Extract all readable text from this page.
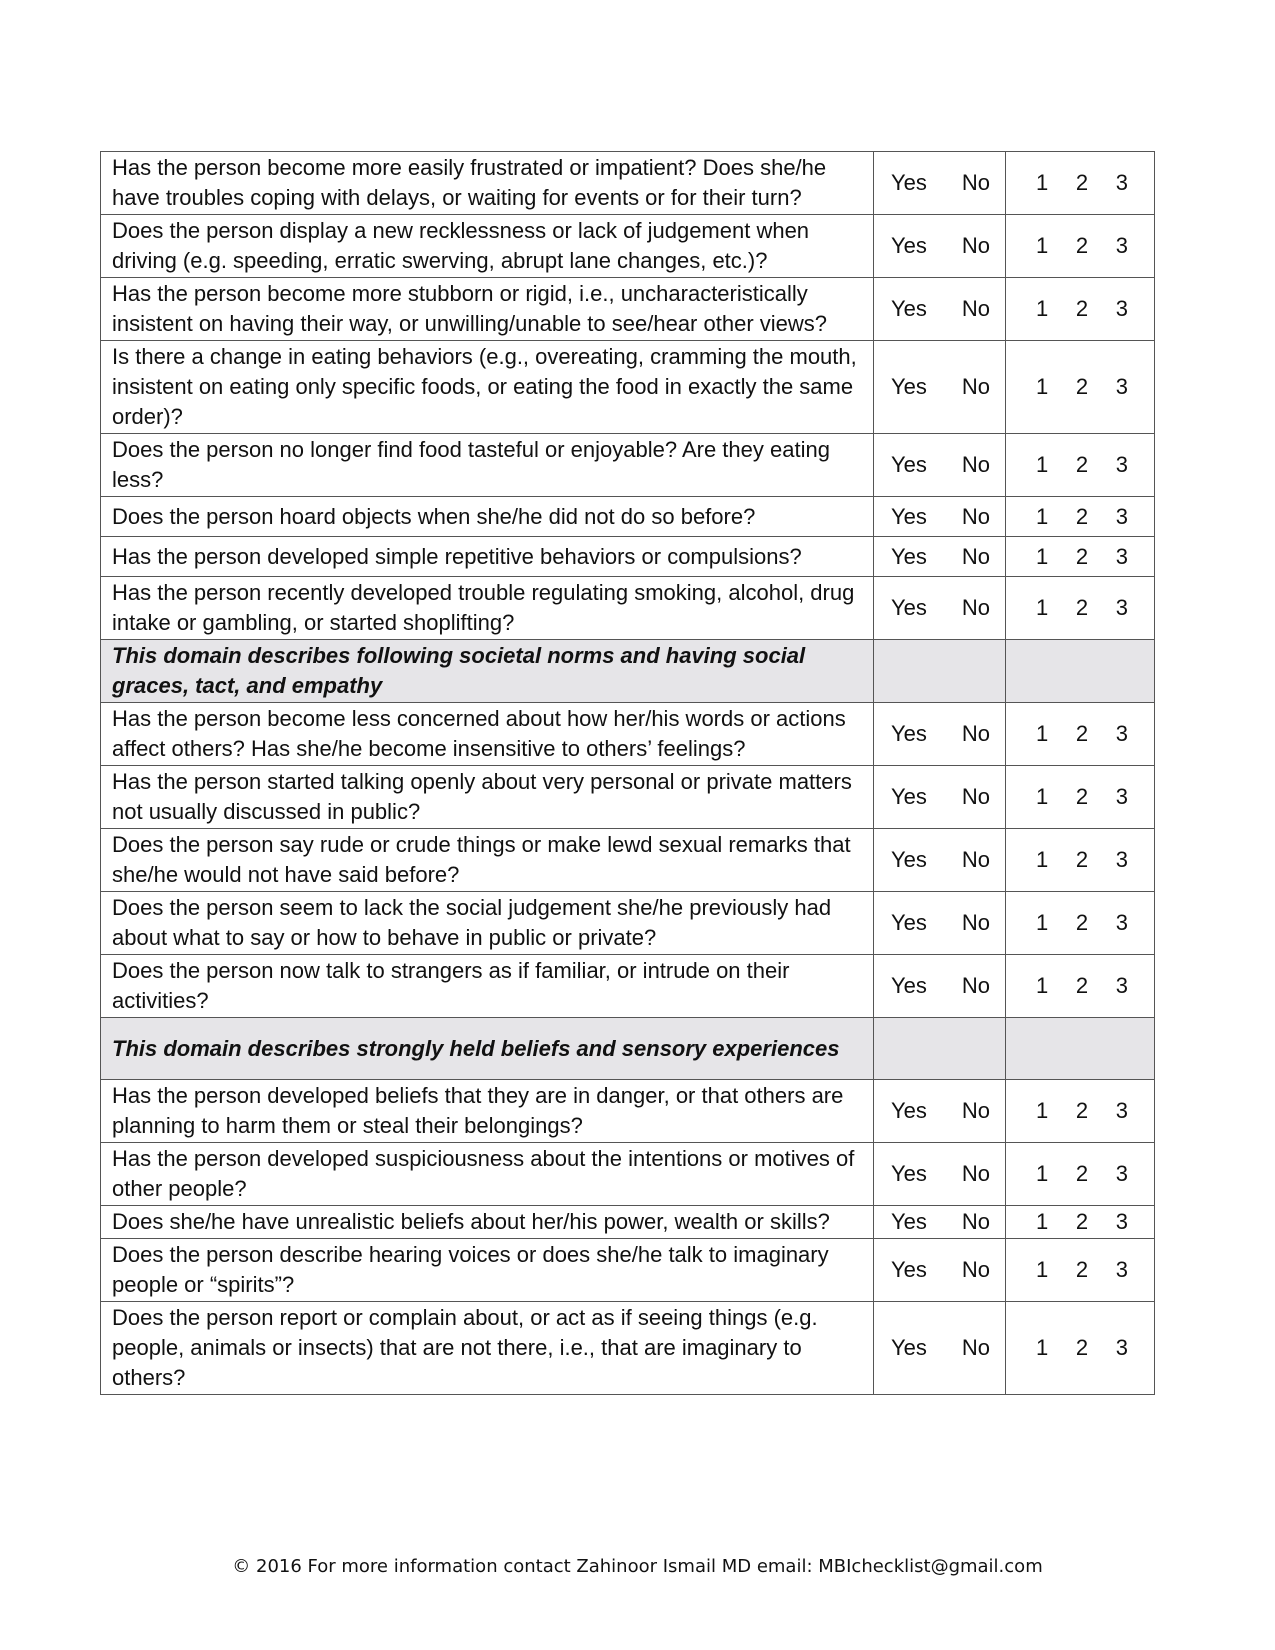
Has the person become more easily frustrated or impatient? Does she/he have troubles coping with delays, or waiting for events or for their turn?	Yes No	1 2 3

Does the person display a new recklessness or lack of judgement when driving (e.g. speeding, erratic swerving, abrupt lane changes, etc.)?	Yes No	1 2 3

Has the person become more stubborn or rigid, i.e., uncharacteristically insistent on having their way, or unwilling/unable to see/hear other views?	Yes No	1 2 3

Is there a change in eating behaviors (e.g., overeating, cramming the mouth, insistent on eating only specific foods, or eating the food in exactly the same order)?	Yes No	1 2 3

Does the person no longer find food tasteful or enjoyable? Are they eating less?	Yes No	1 2 3

Does the person hoard objects when she/he did not do so before?	Yes No	1 2 3

Has the person developed simple repetitive behaviors or compulsions?	Yes No	1 2 3

Has the person recently developed trouble regulating smoking, alcohol, drug intake or gambling, or started shoplifting?	Yes No	1 2 3

This domain describes following societal norms and having social graces, tact, and empathy		
Has the person become less concerned about how her/his words or actions affect others? Has she/he become insensitive to others’ feelings?	Yes No	1 2 3

Has the person started talking openly about very personal or private matters not usually discussed in public?	Yes No	1 2 3

Does the person say rude or crude things or make lewd sexual remarks that she/he would not have said before?	Yes No	1 2 3

Does the person seem to lack the social judgement she/he previously had about what to say or how to behave in public or private?	Yes No	1 2 3

Does the person now talk to strangers as if familiar, or intrude on their activities?	Yes No	1 2 3

This domain describes strongly held beliefs and sensory experiences		
Has the person developed beliefs that they are in danger, or that others are planning to harm them or steal their belongings?	Yes No	1 2 3

Has the person developed suspiciousness about the intentions or motives of other people?	Yes No	1 2 3

Does she/he have unrealistic beliefs about her/his power, wealth or skills?	Yes No	1 2 3

Does the person describe hearing voices or does she/he talk to imaginary people or “spirits”?	Yes No	1 2 3

Does the person report or complain about, or act as if seeing things (e.g. people, animals or insects) that are not there, i.e., that are imaginary to others?	Yes No	1 2 3
© 2016 For more information contact Zahinoor Ismail MD email: MBIchecklist@gmail.com
